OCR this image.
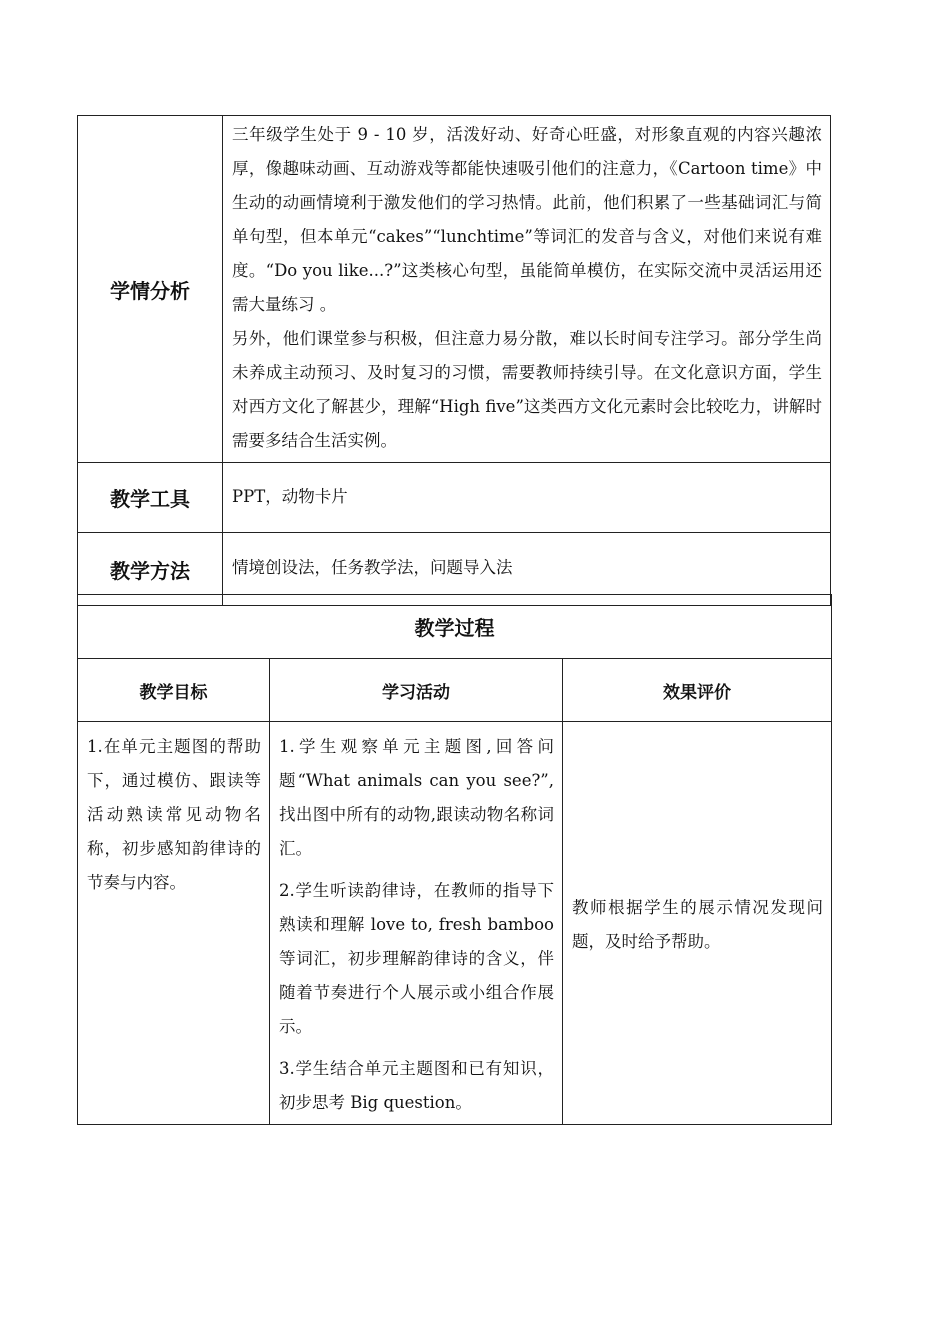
学情分析	三年级学生处于 9 - 10 岁，活泼好动、好奇心旺盛，对形象直观的内容兴趣浓厚，像趣味动画、互动游戏等都能快速吸引他们的注意力，《Cartoon time》中生动的动画情境利于激发他们的学习热情。此前，他们积累了一些基础词汇与简单句型，但本单元“cakes”“lunchtime”等词汇的发音与含义，对他们来说有难度。“Do you like...?”这类核心句型，虽能简单模仿，在实际交流中灵活运用还需大量练习 。

另外，他们课堂参与积极，但注意力易分散，难以长时间专注学习。部分学生尚未养成主动预习、及时复习的习惯，需要教师持续引导。在文化意识方面，学生对西方文化了解甚少，理解“High five”这类西方文化元素时会比较吃力，讲解时需要多结合生活实例。

教学工具	PPT，动物卡片
教学方法	情境创设法，任务教学法，问题导入法
教学过程		
教学目标	学习活动	效果评价
1.在单元主题图的帮助下，通过模仿、跟读等活动熟读常见动物名称，初步感知韵律诗的节奏与内容。	1.学生观察单元主题图,回答问题“What animals can you see?”,找出图中所有的动物,跟读动物名称词汇。

2.学生听读韵律诗，在教师的指导下熟读和理解 love to, fresh bamboo 等词汇，初步理解韵律诗的含义，伴随着节奏进行个人展示或小组合作展示。

3.学生结合单元主题图和已有知识，初步思考 Big question。	教师根据学生的展示情况发现问题，及时给予帮助。
